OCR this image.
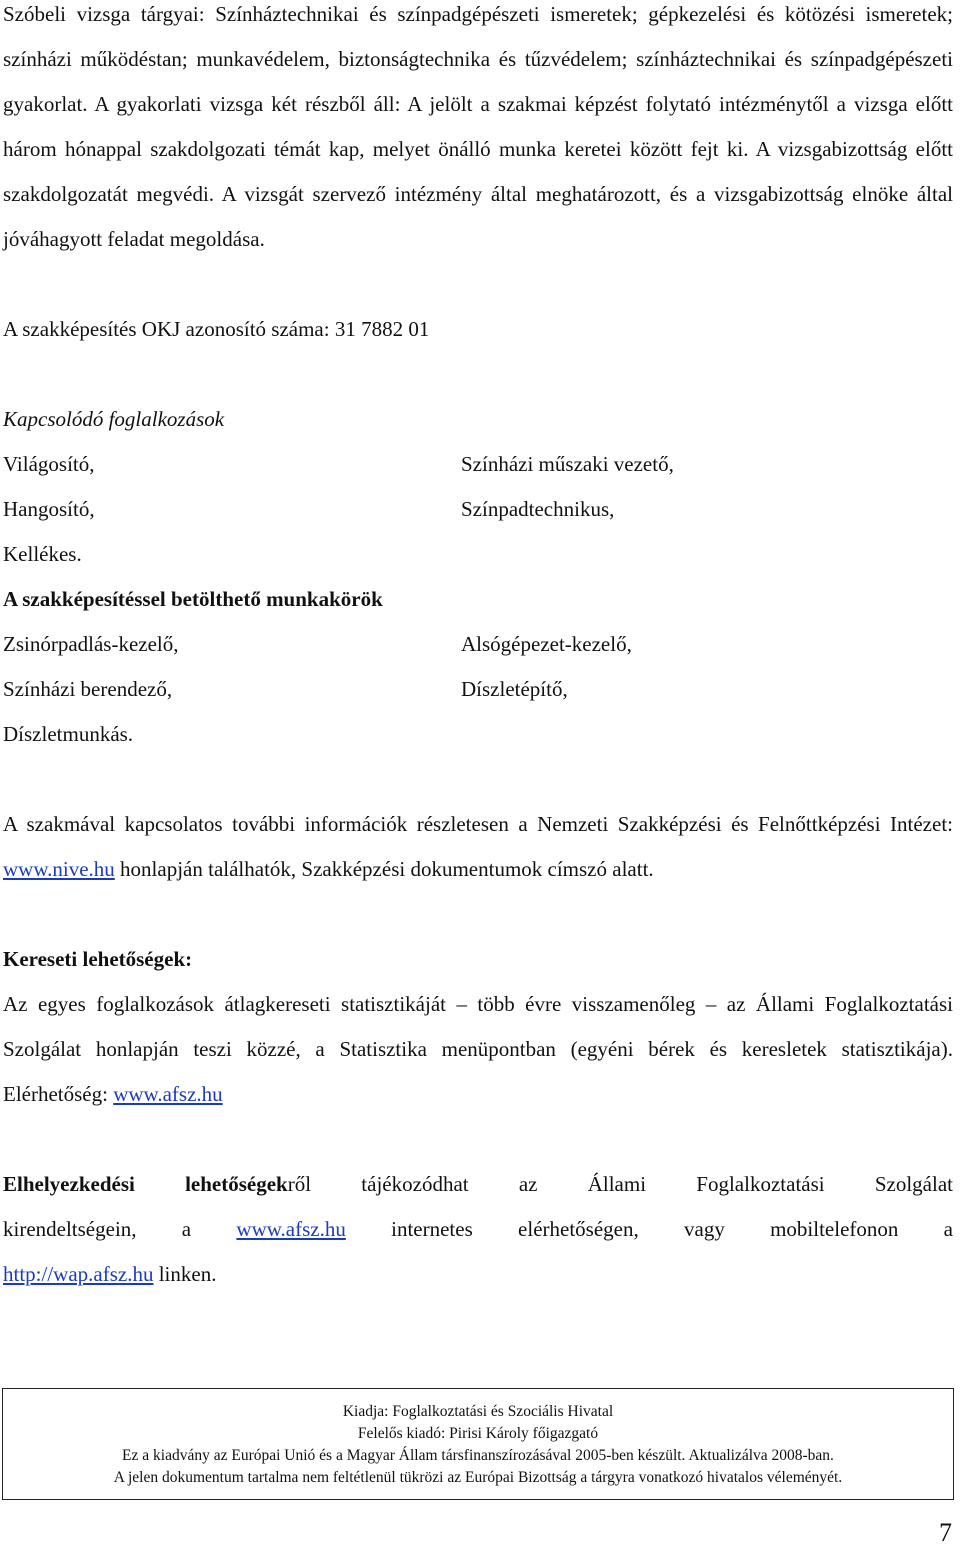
Szóbeli vizsga tárgyai: Színháztechnikai és színpadgépészeti ismeretek; gépkezelési és kötözési ismeretek; színházi működéstan; munkavédelem, biztonságtechnika és tűzvédelem; színháztechnikai és színpadgépészeti gyakorlat. A gyakorlati vizsga két részből áll: A jelölt a szakmai képzést folytató intézménytől a vizsga előtt három hónappal szakdolgozati témát kap, melyet önálló munka keretei között fejt ki. A vizsgabizottság előtt szakdolgozatát megvédi. A vizsgát szervező intézmény által meghatározott, és a vizsgabizottság elnöke által jóváhagyott feladat megoldása.

A szakképesítés OKJ azonosító száma: 31 7882 01

Kapcsolódó foglalkozások

Világosító,

Hangosító,

Kellékes.

Színházi műszaki vezető,

Színpadtechnikus,

A szakképesítéssel betölthető munkakörök

Zsinórpadlás-kezelő,

Színházi berendező,

Díszletmunkás.

Alsógépezet-kezelő,

Díszletépítő,

A szakmával kapcsolatos további információk részletesen a Nemzeti Szakképzési és Felnőttképzési Intézet: www.nive.hu honlapján találhatók, Szakképzési dokumentumok címszó alatt.

Kereseti lehetőségek:

Az egyes foglalkozások átlagkereseti statisztikáját – több évre visszamenőleg – az Állami Foglalkoztatási Szolgálat honlapján teszi közzé, a Statisztika menüpontban (egyéni bérek és keresletek statisztikája). Elérhetőség: www.afsz.hu

Elhelyezkedési lehetőségekről tájékozódhat az Állami Foglalkoztatási Szolgálat

kirendeltségein, a www.afsz.hu internetes elérhetőségen, vagy mobiltelefonon a

http://wap.afsz.hu linken.

Kiadja: Foglalkoztatási és Szociális Hivatal
Felelős kiadó: Pirisi Károly főigazgató
Ez a kiadvány az Európai Unió és a Magyar Állam társfinanszírozásával 2005-ben készült. Aktualizálva 2008-ban.
A jelen dokumentum tartalma nem feltétlenül tükrözi az Európai Bizottság a tárgyra vonatkozó hivatalos véleményét.
7
